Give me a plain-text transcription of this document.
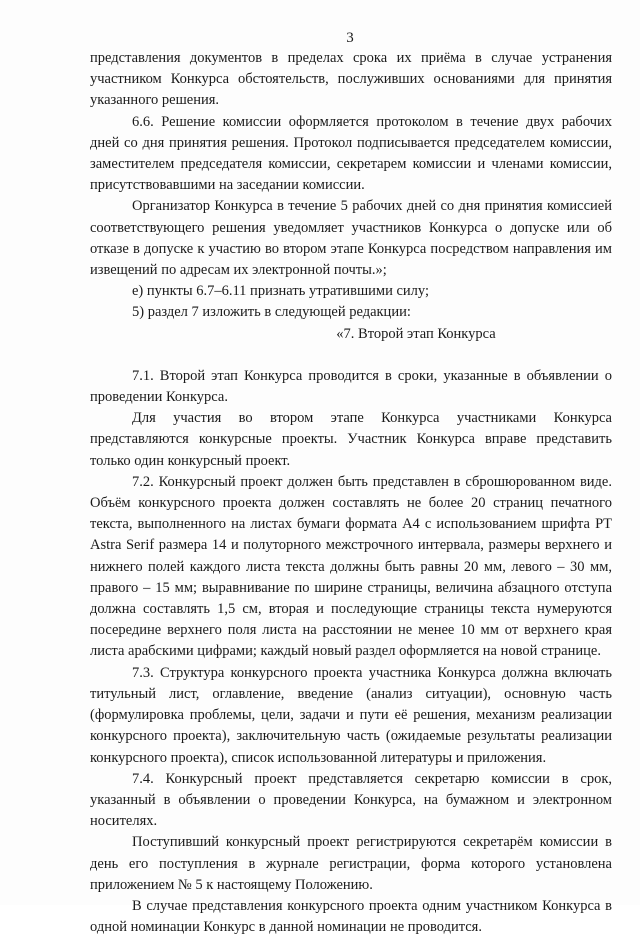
3

представления документов в пределах срока их приёма в случае устранения участником Конкурса обстоятельств, послуживших основаниями для принятия указанного решения.

6.6. Решение комиссии оформляется протоколом в течение двух рабочих дней со дня принятия решения. Протокол подписывается председателем комиссии, заместителем председателя комиссии, секретарем комиссии и членами комиссии, присутствовавшими на заседании комиссии.

Организатор Конкурса в течение 5 рабочих дней со дня принятия комиссией соответствующего решения уведомляет участников Конкурса о допуске или об отказе в допуске к участию во втором этапе Конкурса посредством направления им извещений по адресам их электронной почты.»;

е) пункты 6.7–6.11 признать утратившими силу;

5) раздел 7 изложить в следующей редакции:

«7. Второй этап Конкурса

7.1. Второй этап Конкурса проводится в сроки, указанные в объявлении о проведении Конкурса.

Для участия во втором этапе Конкурса участниками Конкурса представляются конкурсные проекты. Участник Конкурса вправе представить только один конкурсный проект.

7.2. Конкурсный проект должен быть представлен в сброшюрованном виде. Объём конкурсного проекта должен составлять не более 20 страниц печатного текста, выполненного на листах бумаги формата А4 с использованием шрифта PT Astra Serif размера 14 и полуторного межстрочного интервала, размеры верхнего и нижнего полей каждого листа текста должны быть равны 20 мм, левого – 30 мм, правого – 15 мм; выравнивание по ширине страницы, величина абзацного отступа должна составлять 1,5 см, вторая и последующие страницы текста нумеруются посередине верхнего поля листа на расстоянии не менее 10 мм от верхнего края листа арабскими цифрами; каждый новый раздел оформляется на новой странице.

7.3. Структура конкурсного проекта участника Конкурса должна включать титульный лист, оглавление, введение (анализ ситуации), основную часть (формулировка проблемы, цели, задачи и пути её решения, механизм реализации конкурсного проекта), заключительную часть (ожидаемые результаты реализации конкурсного проекта), список использованной литературы и приложения.

7.4. Конкурсный проект представляется секретарю комиссии в срок, указанный в объявлении о проведении Конкурса, на бумажном и электронном носителях.

Поступивший конкурсный проект регистрируются секретарём комиссии в день его поступления в журнале регистрации, форма которого установлена приложением № 5 к настоящему Положению.

В случае представления конкурсного проекта одним участником Конкурса в одной номинации Конкурс в данной номинации не проводится.
